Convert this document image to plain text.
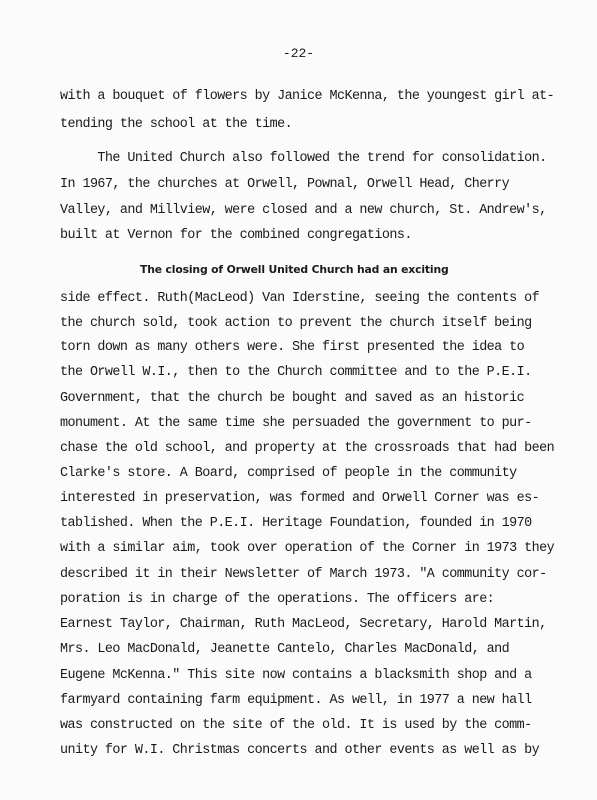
-22-
with a bouquet of flowers by Janice McKenna, the youngest girl at-
tending the school at the time.
The United Church also followed the trend for consolidation.
In 1967, the churches at Orwell, Pownal, Orwell Head, Cherry
Valley, and Millview, were closed and a new church, St. Andrew's,
built at Vernon for the combined congregations.
The closing of Orwell United Church had an exciting
side effect. Ruth(MacLeod) Van Iderstine, seeing the contents of
the church sold, took action to prevent the church itself being
torn down as many others were. She first presented the idea to
the Orwell W.I., then to the Church committee and to the P.E.I.
Government, that the church be bought and saved as an historic
monument. At the same time she persuaded the government to pur-
chase the old school, and property at the crossroads that had been
Clarke's store. A Board, comprised of people in the community
interested in preservation, was formed and Orwell Corner was es-
tablished. When the P.E.I. Heritage Foundation, founded in 1970
with a similar aim, took over operation of the Corner in 1973 they
described it in their Newsletter of March 1973. "A community cor-
poration is in charge of the operations. The officers are:
Earnest Taylor, Chairman, Ruth MacLeod, Secretary, Harold Martin,
Mrs. Leo MacDonald, Jeanette Cantelo, Charles MacDonald, and
Eugene McKenna." This site now contains a blacksmith shop and a
farmyard containing farm equipment. As well, in 1977 a new hall
was constructed on the site of the old. It is used by the comm-
unity for W.I. Christmas concerts and other events as well as by
